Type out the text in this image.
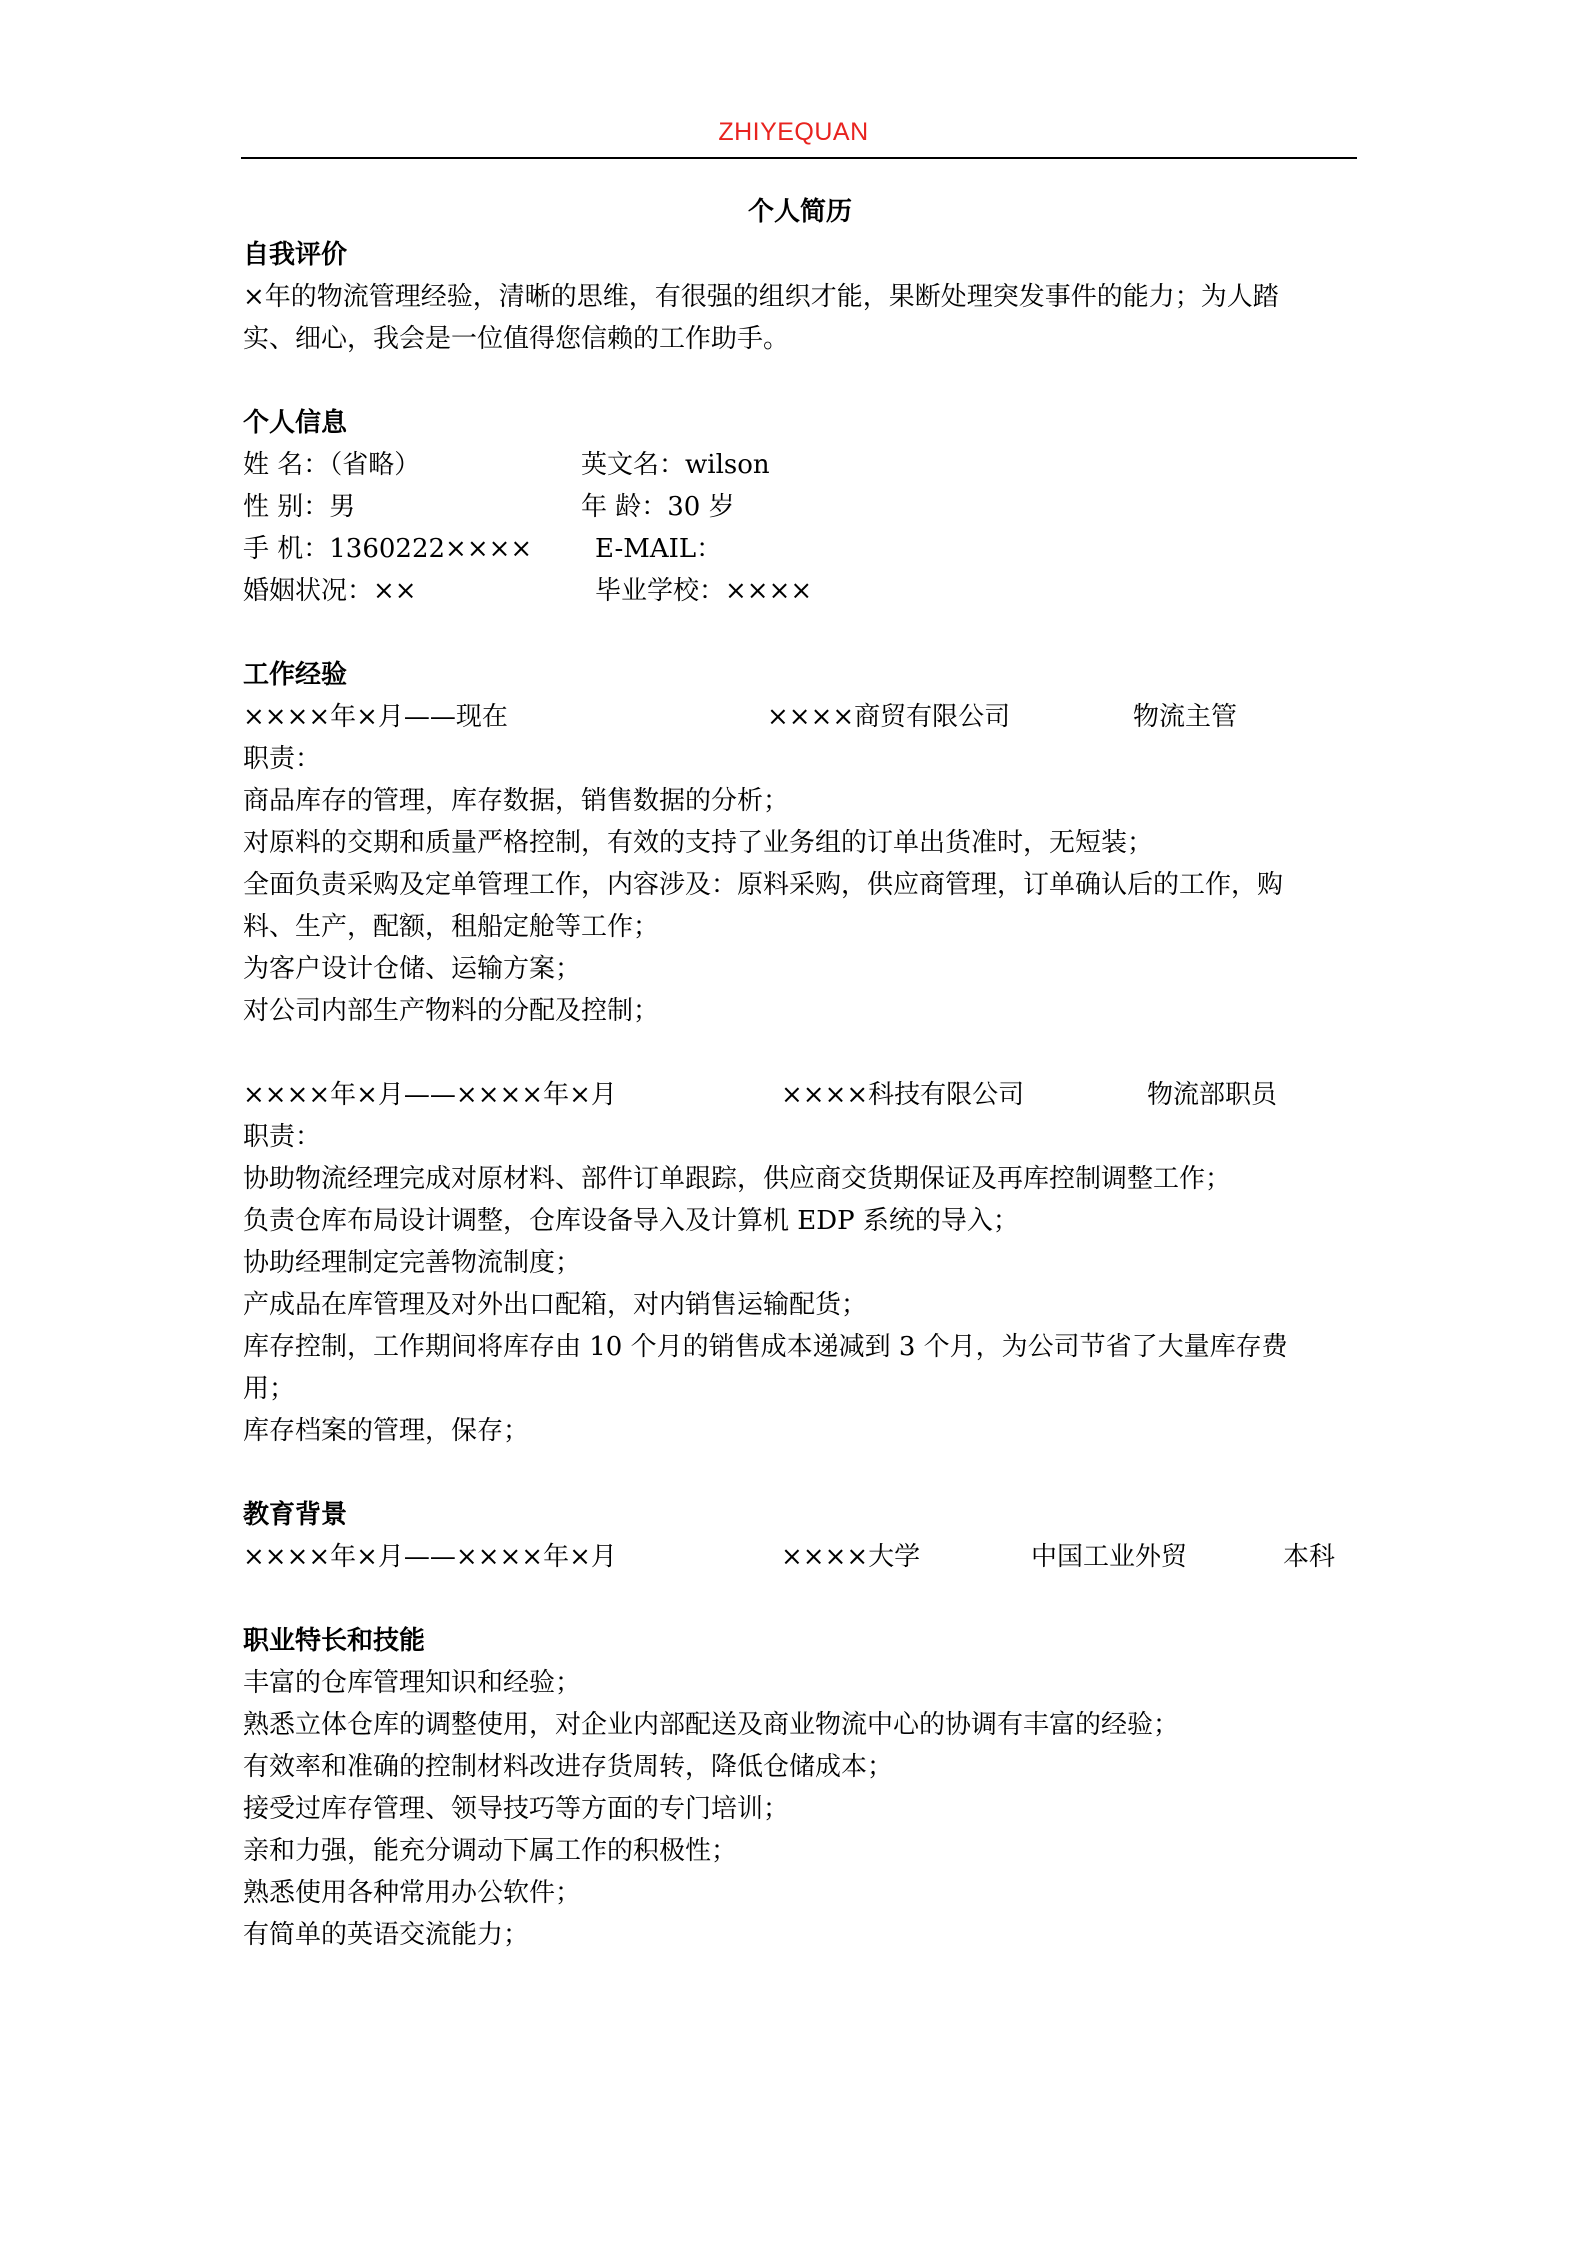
ZHIYEQUAN
个人简历
自我评价
×年的物流管理经验，清晰的思维，有很强的组织才能，果断处理突发事件的能力；为人踏
实、细心，我会是一位值得您信赖的工作助手。
个人信息
姓 名：（省略）	英文名：wilson
性 别：男	年 龄：30 岁
手 机：1360222×××× E-MAIL：
婚姻状况：××	毕业学校：××××
工作经验
××××年×月——现在	××××商贸有限公司	物流主管
职责：
商品库存的管理，库存数据，销售数据的分析；
对原料的交期和质量严格控制，有效的支持了业务组的订单出货准时，无短装；
全面负责采购及定单管理工作，内容涉及：原料采购，供应商管理，订单确认后的工作，购
料、生产，配额，租船定舱等工作；
为客户设计仓储、运输方案；
对公司内部生产物料的分配及控制；
××××年×月——××××年×月	××××科技有限公司	物流部职员
职责：
协助物流经理完成对原材料、部件订单跟踪，供应商交货期保证及再库控制调整工作；
负责仓库布局设计调整，仓库设备导入及计算机 EDP 系统的导入；
协助经理制定完善物流制度；
产成品在库管理及对外出口配箱，对内销售运输配货；
库存控制，工作期间将库存由 10 个月的销售成本递减到 3 个月，为公司节省了大量库存费
用；
库存档案的管理，保存；
教育背景
××××年×月——××××年×月	××××大学	中国工业外贸	本科
职业特长和技能
丰富的仓库管理知识和经验；
熟悉立体仓库的调整使用，对企业内部配送及商业物流中心的协调有丰富的经验；
有效率和准确的控制材料改进存货周转，降低仓储成本；
接受过库存管理、领导技巧等方面的专门培训；
亲和力强，能充分调动下属工作的积极性；
熟悉使用各种常用办公软件；
有简单的英语交流能力；
